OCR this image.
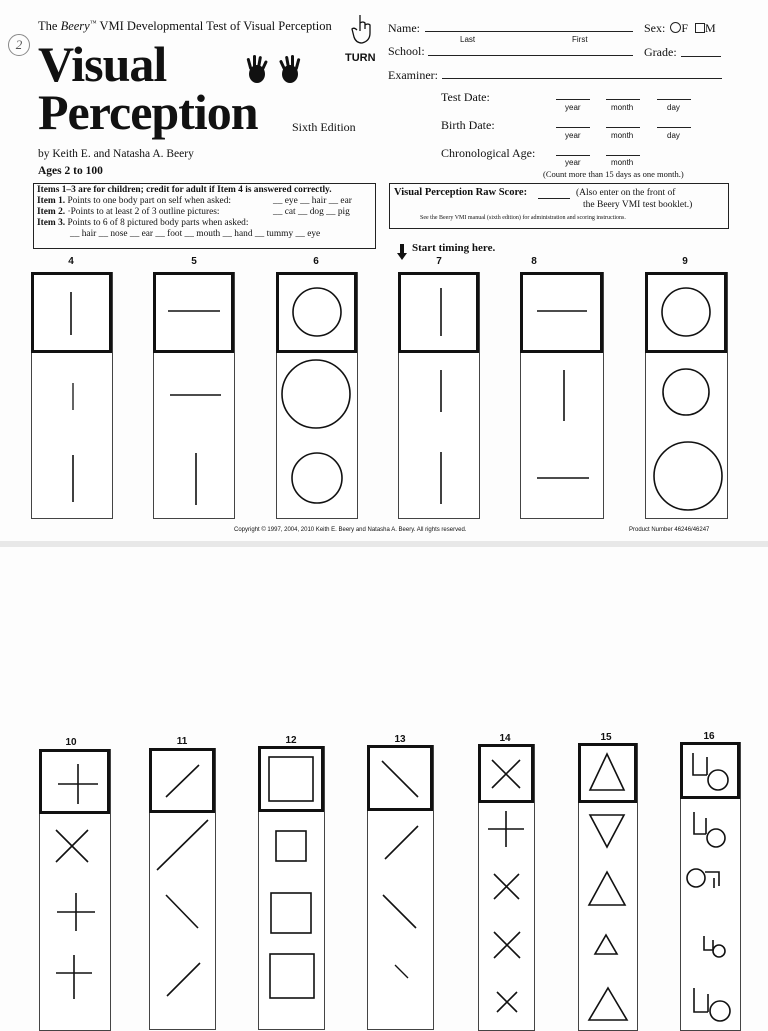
2
The Beery™ VMI Developmental Test of Visual Perception
Visual
Perception	Sixth Edition
TURN
by Keith E. and Natasha A. Beery
Ages 2 to 100
Name:
Last	First
Sex: F M
School:	Grade:
Examiner:
Test Date:
year	month	day
Birth Date:
year	month	day
Chronological Age:
year	month
(Count more than 15 days as one month.)
Items 1–3 are for children; credit for adult if Item 4 is answered correctly.
Item 1. Points to one body part on self when asked:	__ eye __ hair __ ear
Item 2. ·Points to at least 2 of 3 outline pictures:	__ cat __ dog __ pig
Item 3. Points to 6 of 8 pictured body parts when asked:
__ hair __ nose __ ear __ foot __ mouth __ hand __ tummy __ eye
Visual Perception Raw Score:	(Also enter on the front of
the Beery VMI test booklet.)
See the Beery VMI manual (sixth edition) for administration and scoring instructions.
Start timing here.
4	5	6	7	8	9
Copyright © 1997, 2004, 2010 Keith E. Beery and Natasha A. Beery. All rights reserved.	Product Number 46246/46247
10	11	12	13	14	15	16
